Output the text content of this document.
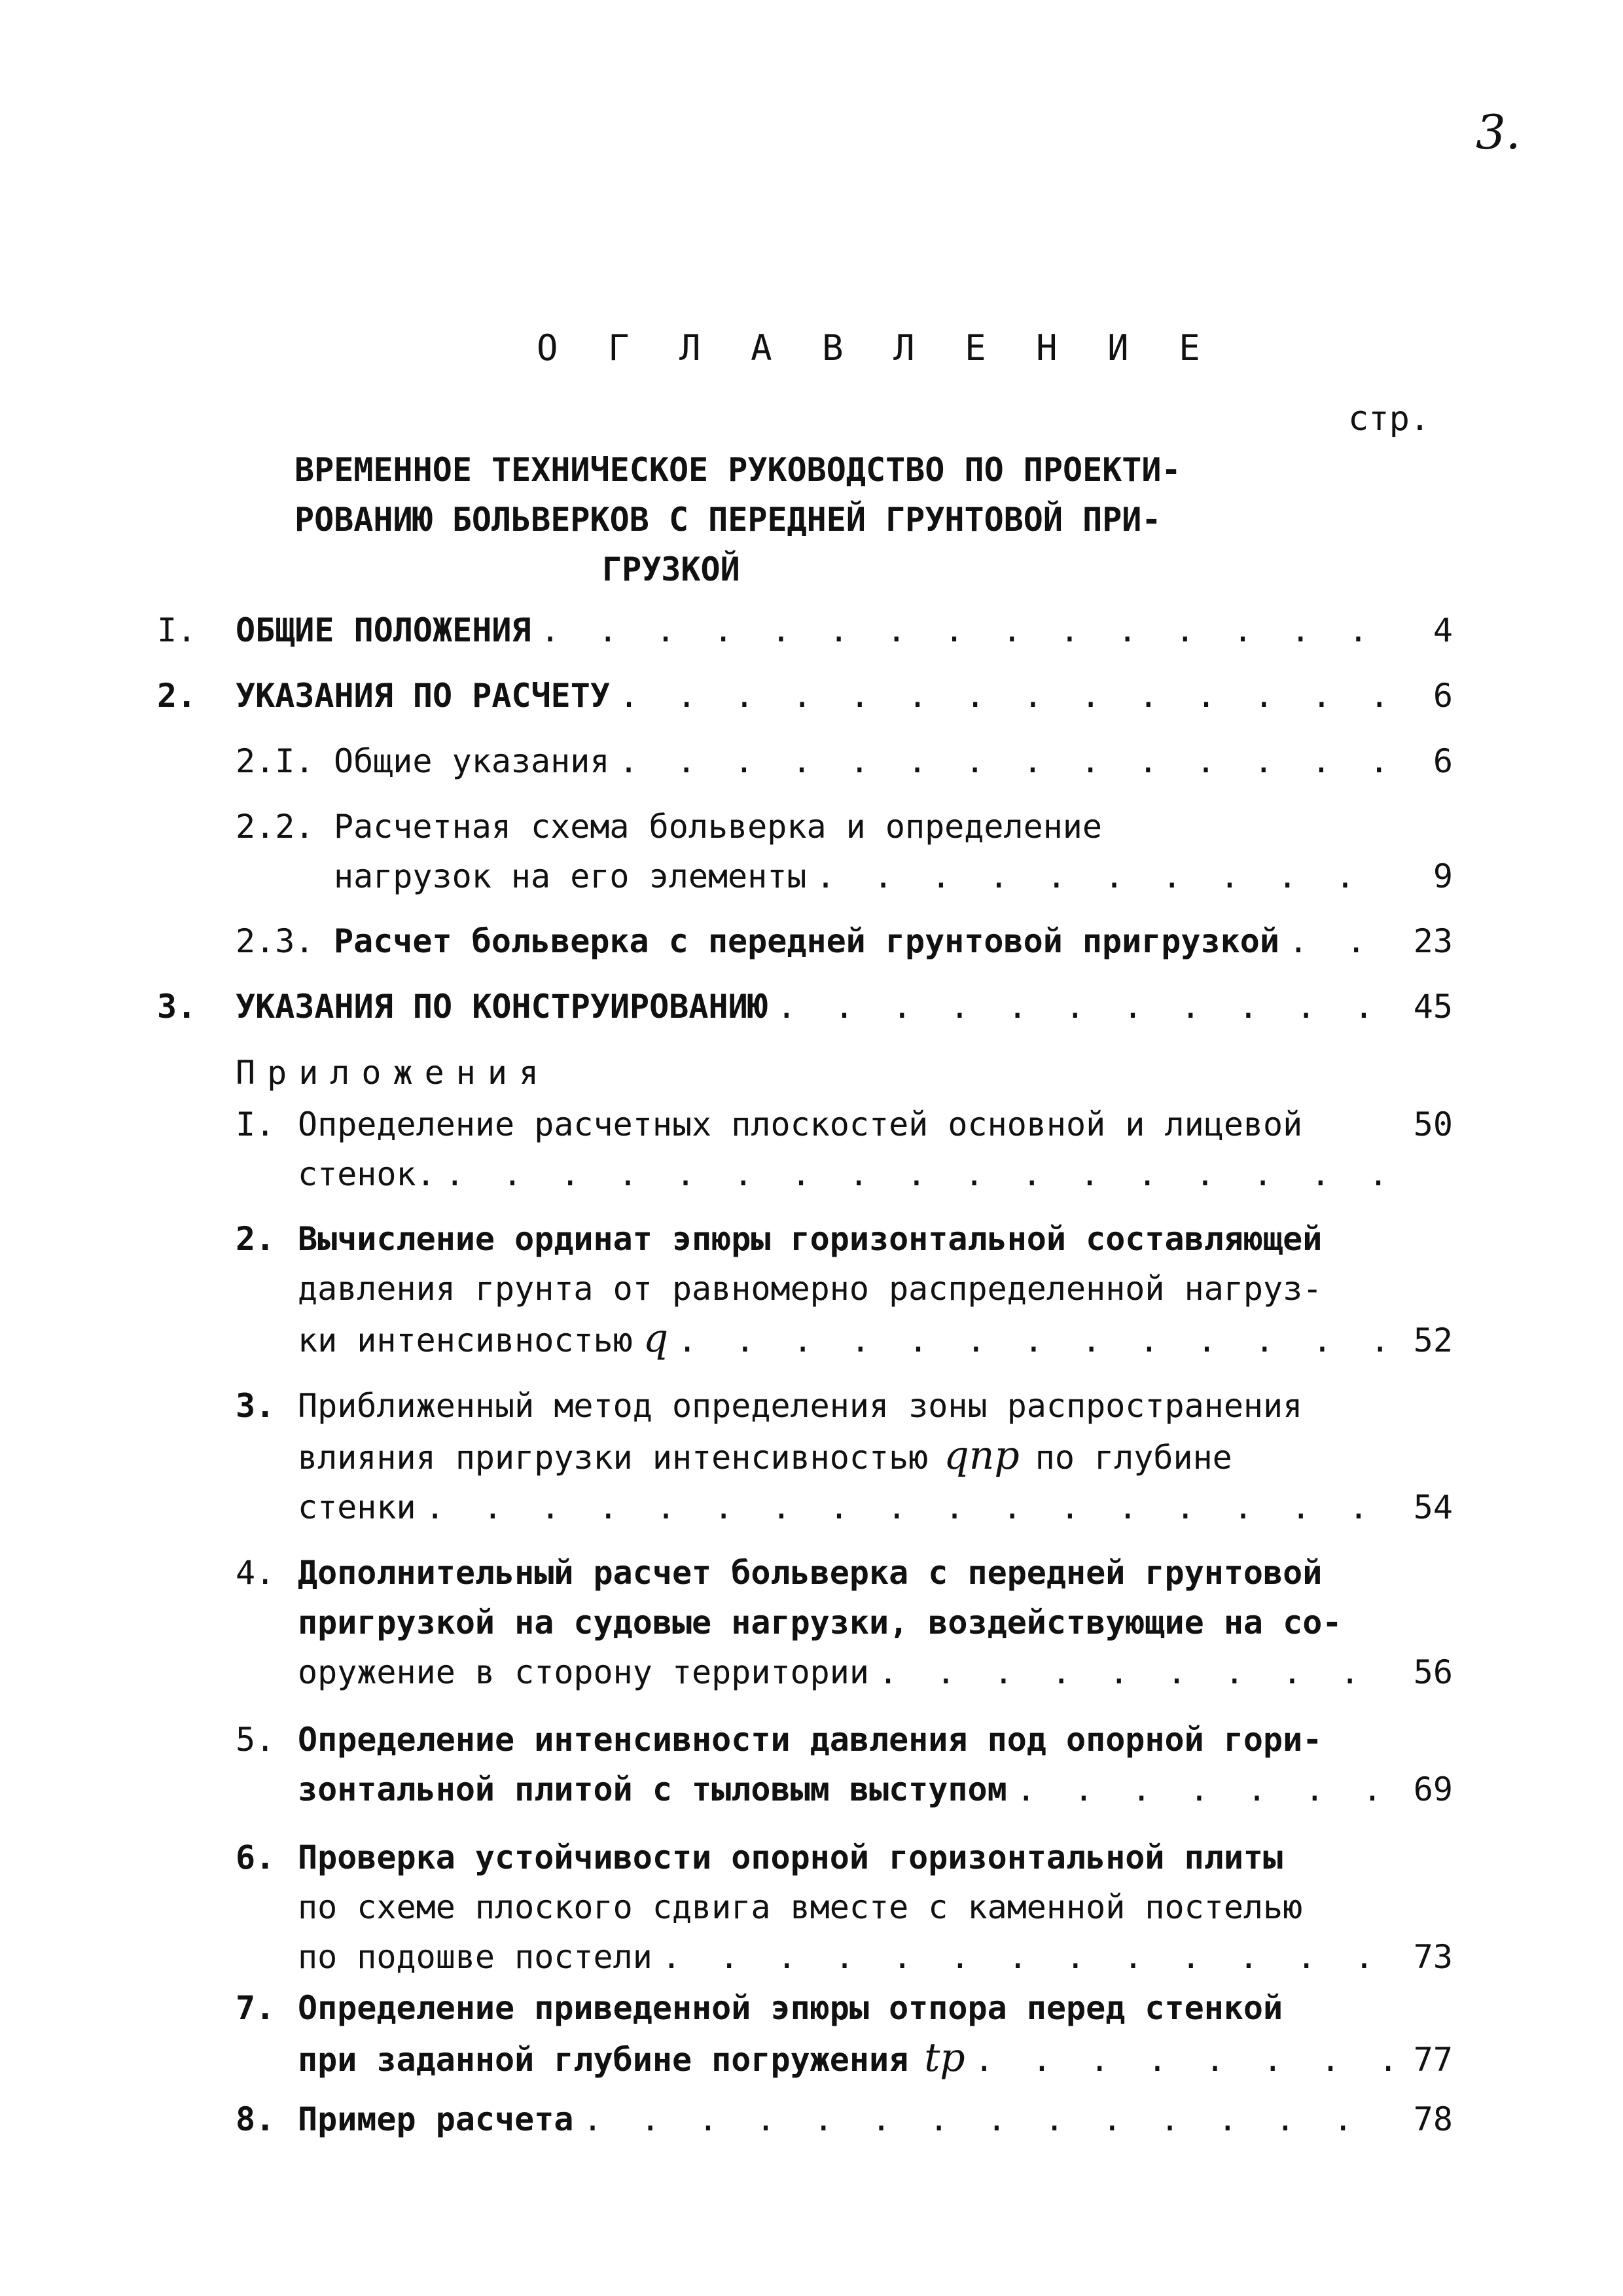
3.
О Г Л А В Л Е Н И Е
стр.
ВРЕМЕННОЕ ТЕХНИЧЕСКОЕ РУКОВОДСТВО ПО ПРОЕКТИ-
РОВАНИЮ БОЛЬВЕРКОВ С ПЕРЕДНЕЙ ГРУНТОВОЙ ПРИ-

ГРУЗКОЙ
I.	ОБЩИЕ ПОЛОЖЕНИЯ . . .	4
2.	УКАЗАНИЯ ПО РАСЧЕТУ . . .	6
2.I. Общие указания . . .	6
2.2. Расчетная схема больверка и определение
нагрузок на его элементы . . .	9
2.3. Расчет больверка с передней грунтовой пригрузкой . . .	23
3.	УКАЗАНИЯ ПО КОНСТРУИРОВАНИЮ . . .	45
Приложения
I. Определение расчетных плоскостей основной и лицевой	50
стенок.
. . .
2. Вычисление ординат эпюры горизонтальной составляющей
давления грунта от равномерно распределенной нагруз-
ки интенсивностью q . . .	52
3. Приближенный метод определения зоны распространения
влияния пригрузки интенсивностью qпр по глубине
стенки . . .	54
4. Дополнительный расчет больверка с передней грунтовой
пригрузкой на судовые нагрузки, воздействующие на со-
оружение в сторону территории . . .	56
5. Определение интенсивности давления под опорной гори-
зонтальной плитой с тыловым выступом . . .	69
6. Проверка устойчивости опорной горизонтальной плиты
по схеме плоского сдвига вместе с каменной постелью
по подошве постели . . .	73
7. Определение приведенной эпюры отпора перед стенкой
при заданной глубине погружения tр . . .	77
8. Пример расчета . . .	78
